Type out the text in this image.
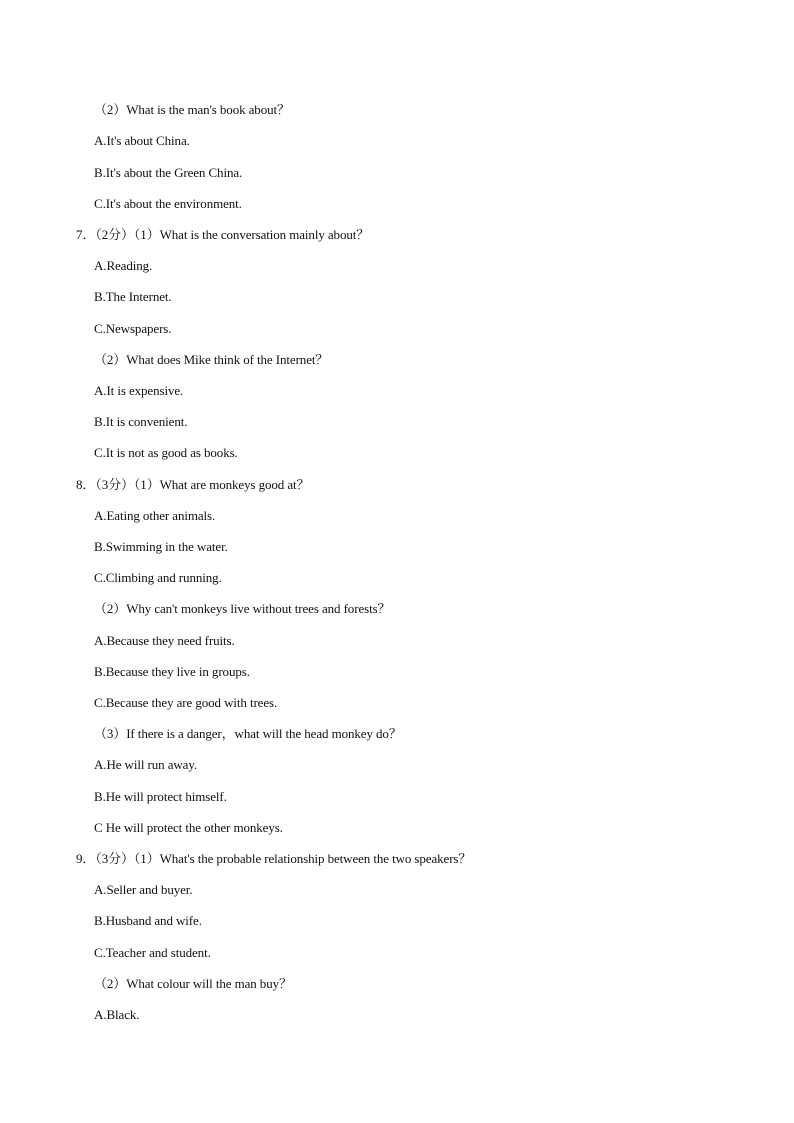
（2）What is the man's book about？
A.It's about China.
B.It's about the Green China.
C.It's about the environment.
7．（2分）（1）What is the conversation mainly about？
A.Reading.
B.The Internet.
C.Newspapers.
（2）What does Mike think of the Internet？
A.It is expensive.
B.It is convenient.
C.It is not as good as books.
8．（3分）（1）What are monkeys good at？
A.Eating other animals.
B.Swimming in the water.
C.Climbing and running.
（2）Why can't monkeys live without trees and forests？
A.Because they need fruits.
B.Because they live in groups.
C.Because they are good with trees.
（3）If there is a danger，what will the head monkey do？
A.He will run away.
B.He will protect himself.
C He will protect the other monkeys.
9．（3分）（1）What's the probable relationship between the two speakers？
A.Seller and buyer.
B.Husband and wife.
C.Teacher and student.
（2）What colour will the man buy？
A.Black.
